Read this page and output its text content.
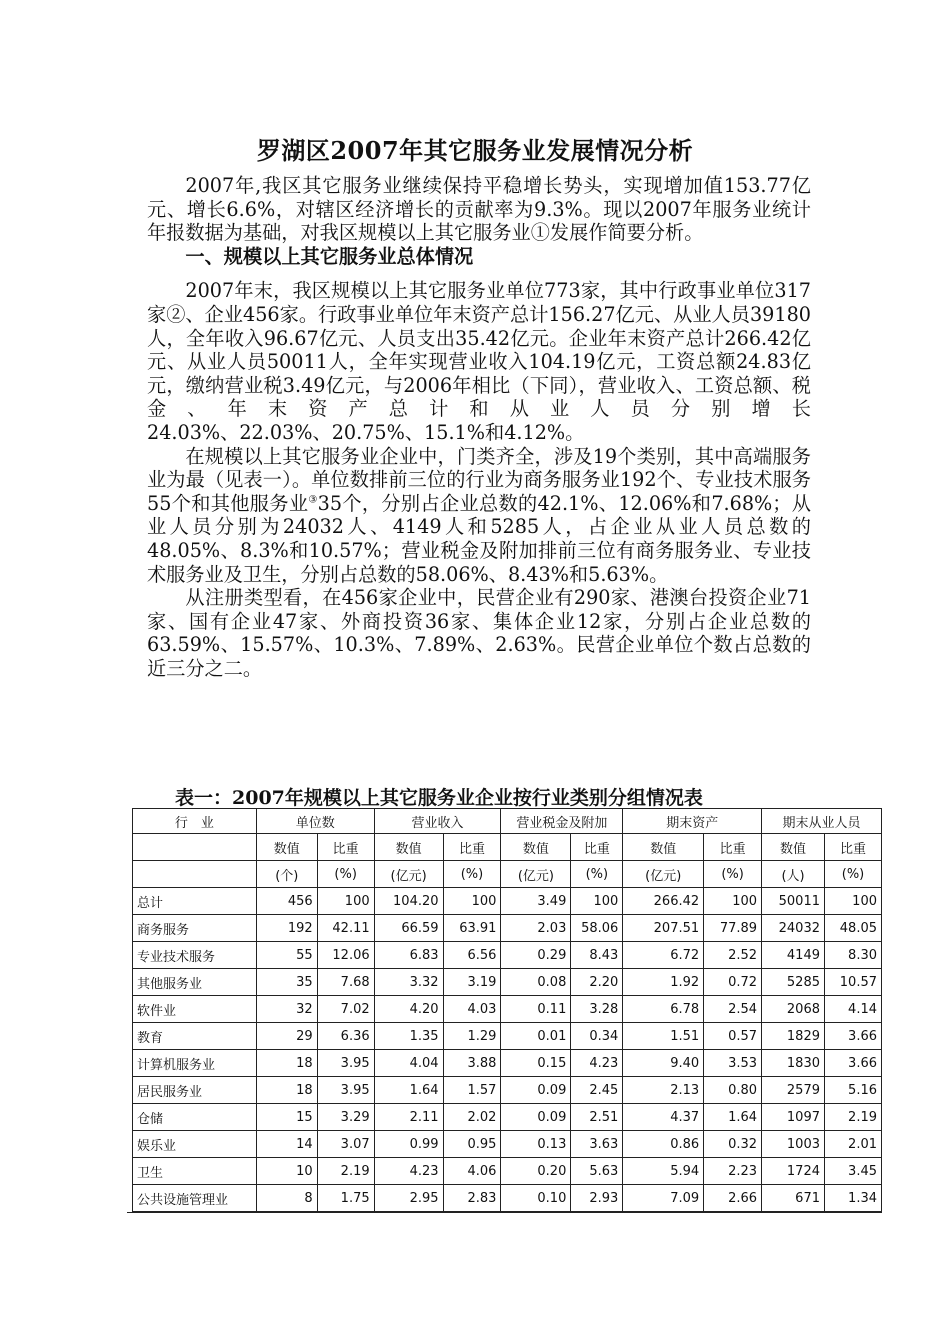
罗湖区2007年其它服务业发展情况分析

2007年,我区其它服务业继续保持平稳增长势头，实现增加值153.77亿元、增长6.6%，对辖区经济增长的贡献率为9.3%。现以2007年服务业统计年报数据为基础，对我区规模以上其它服务业①发展作简要分析。

一、规模以上其它服务业总体情况

2007年末，我区规模以上其它服务业单位773家，其中行政事业单位317家②、企业456家。行政事业单位年末资产总计156.27亿元、从业人员39180人，全年收入96.67亿元、人员支出35.42亿元。企业年末资产总计266.42亿元、从业人员50011人，全年实现营业收入104.19亿元，工资总额24.83亿元，缴纳营业税3.49亿元，与2006年相比（下同），营业收入、工资总额、税金、年末资产总计和从业人员分别增长

24.03%、22.03%、20.75%、15.1%和4.12%。

在规模以上其它服务业企业中，门类齐全，涉及19个类别，其中高端服务业为最（见表一）。单位数排前三位的行业为商务服务业192个、专业技术服务55个和其他服务业③35个，分别占企业总数的42.1%、12.06%和7.68%；从业人员分别为24032人、4149人和5285人，占企业从业人员总数的48.05%、8.3%和10.57%；营业税金及附加排前三位有商务服务业、专业技术服务业及卫生，分别占总数的58.06%、8.43%和5.63%。

从注册类型看，在456家企业中，民营企业有290家、港澳台投资企业71家、国有企业47家、外商投资36家、集体企业12家，分别占企业总数的63.59%、15.57%、10.3%、7.89%、2.63%。民营企业单位个数占总数的近三分之二。

表一：2007年规模以上其它服务业企业按行业类别分组情况表
行　业	单位数		营业收入		营业税金及附加		期末资产		期末从业人员	
	数值	比重	数值	比重	数值	比重	数值	比重	数值	比重
	(个)	(%)	(亿元)	(%)	(亿元)	(%)	(亿元)	(%)	(人)	(%)
总计	456	100	104.20	100	3.49	100	266.42	100	50011	100
商务服务	192	42.11	66.59	63.91	2.03	58.06	207.51	77.89	24032	48.05
专业技术服务	55	12.06	6.83	6.56	0.29	8.43	6.72	2.52	4149	8.30
其他服务业	35	7.68	3.32	3.19	0.08	2.20	1.92	0.72	5285	10.57
软件业	32	7.02	4.20	4.03	0.11	3.28	6.78	2.54	2068	4.14
教育	29	6.36	1.35	1.29	0.01	0.34	1.51	0.57	1829	3.66
计算机服务业	18	3.95	4.04	3.88	0.15	4.23	9.40	3.53	1830	3.66
居民服务业	18	3.95	1.64	1.57	0.09	2.45	2.13	0.80	2579	5.16
仓储	15	3.29	2.11	2.02	0.09	2.51	4.37	1.64	1097	2.19
娱乐业	14	3.07	0.99	0.95	0.13	3.63	0.86	0.32	1003	2.01
卫生	10	2.19	4.23	4.06	0.20	5.63	5.94	2.23	1724	3.45
公共设施管理业	8	1.75	2.95	2.83	0.10	2.93	7.09	2.66	671	1.34
